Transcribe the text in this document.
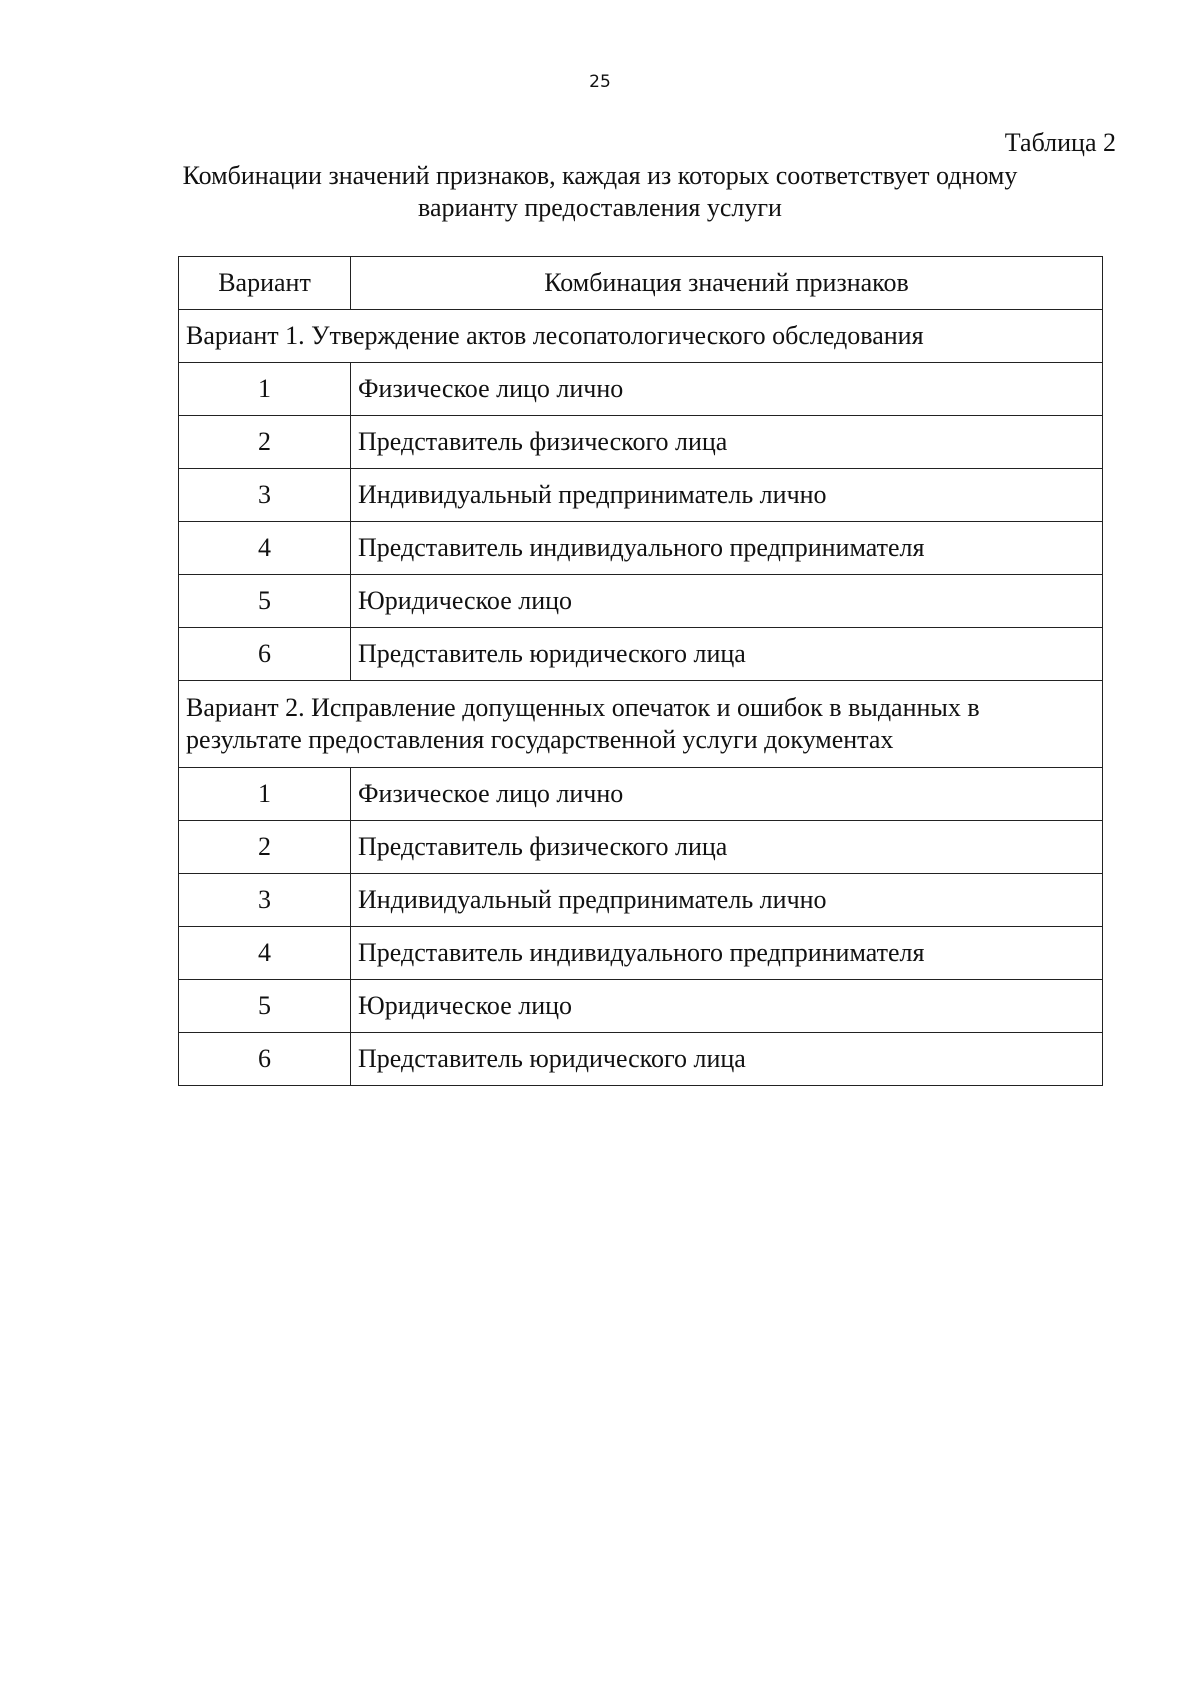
25
Таблица 2
Комбинации значений признаков, каждая из которых соответствует одному
варианту предоставления услуги
Вариант	Комбинация значений признаков
Вариант 1. Утверждение актов лесопатологического обследования	
1	Физическое лицо лично
2	Представитель физического лица
3	Индивидуальный предприниматель лично
4	Представитель индивидуального предпринимателя
5	Юридическое лицо
6	Представитель юридического лица

Вариант 2. Исправление допущенных опечаток и ошибок в выданных в
результате предоставления государственной услуги документах	

1	Физическое лицо лично
2	Представитель физического лица
3	Индивидуальный предприниматель лично
4	Представитель индивидуального предпринимателя
5	Юридическое лицо
6	Представитель юридического лица
